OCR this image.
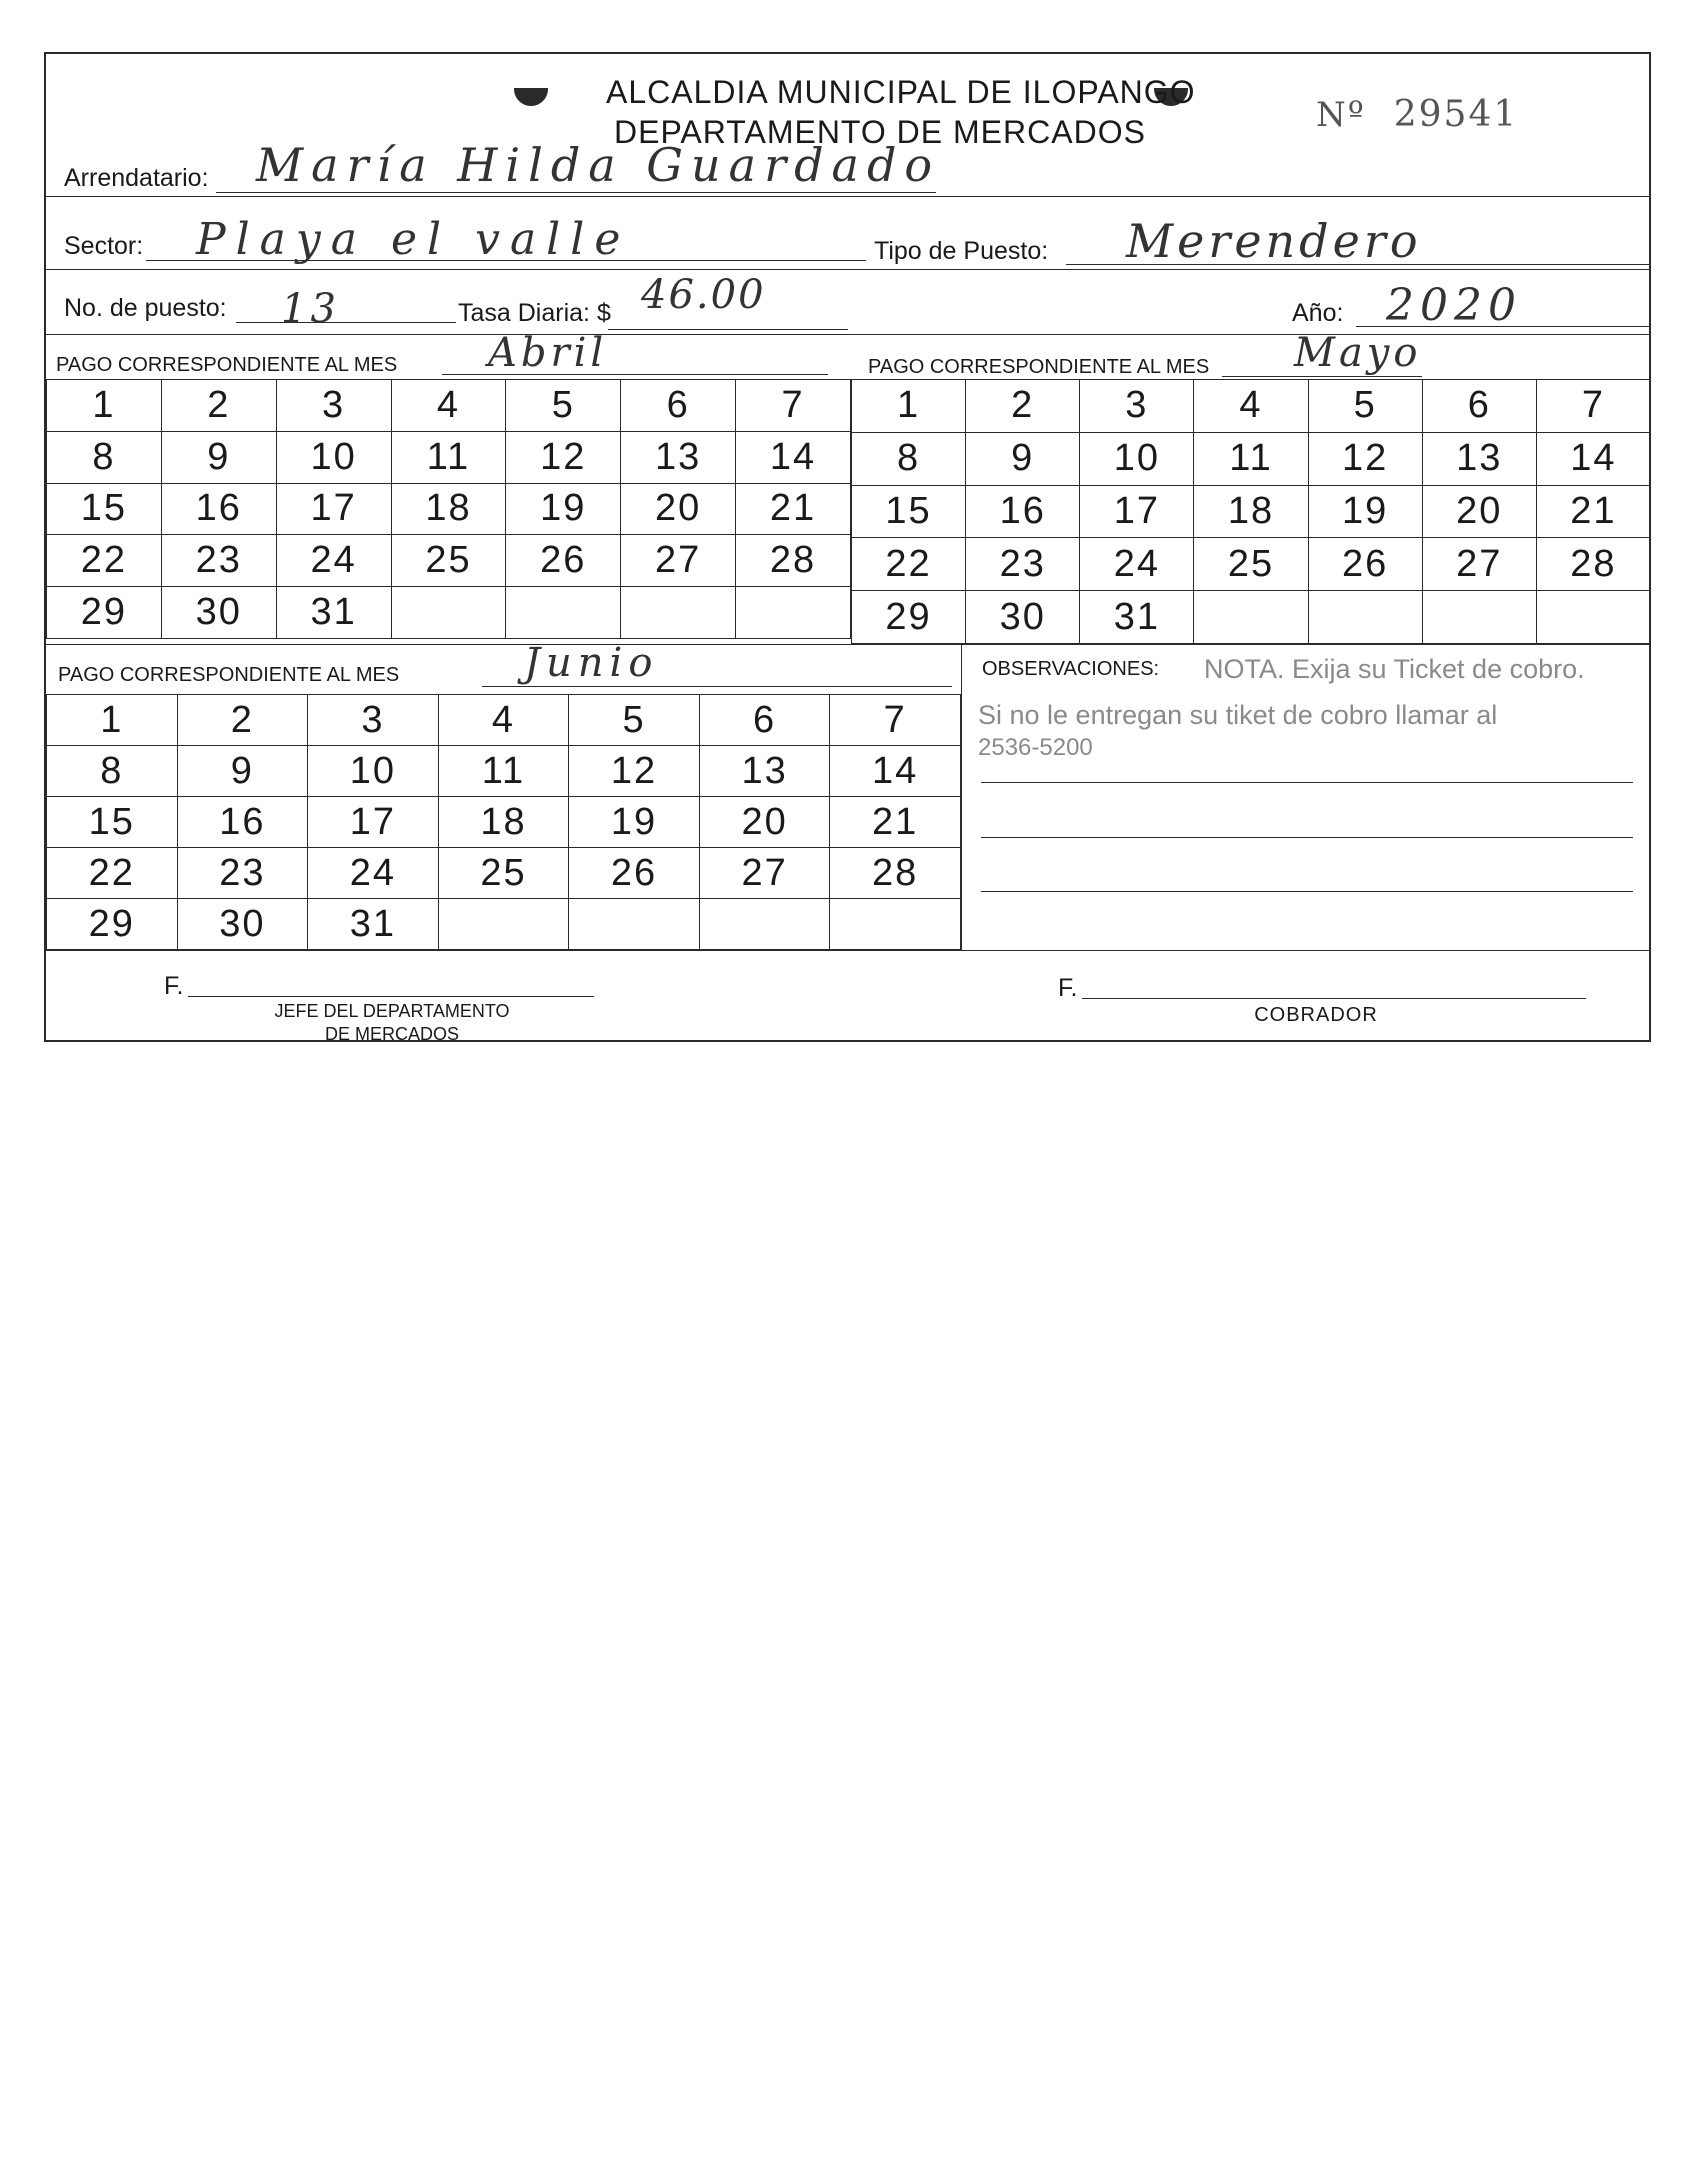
ALCALDIA MUNICIPAL DE ILOPANGO
DEPARTAMENTO DE MERCADOS	Nº 29541
Arrendatario: María Hilda Guardado
Sector: Playa el valle	Tipo de Puesto: Merendero
No. de puesto: 13	Tasa Diaria: $ 46.00	Año: 2020
PAGO CORRESPONDIENTE AL MES Abril	PAGO CORRESPONDIENTE AL MES Mayo
1	2	3	4	5	6	7
8	9	10	11	12	13	14
15	16	17	18	19	20	21
22	23	24	25	26	27	28
29	30	31				
1	2	3	4	5	6	7
8	9	10	11	12	13	14
15	16	17	18	19	20	21
22	23	24	25	26	27	28
29	30	31				
PAGO CORRESPONDIENTE AL MES	Junio
1	2	3	4	5	6	7
8	9	10	11	12	13	14
15	16	17	18	19	20	21
22	23	24	25	26	27	28
29	30	31				
OBSERVACIONES: NOTA. Exija su Ticket de cobro.
Si no le entregan su tiket de cobro llamar al
2536-5200
F.
JEFE DEL DEPARTAMENTO
DE MERCADOS
F.
COBRADOR
